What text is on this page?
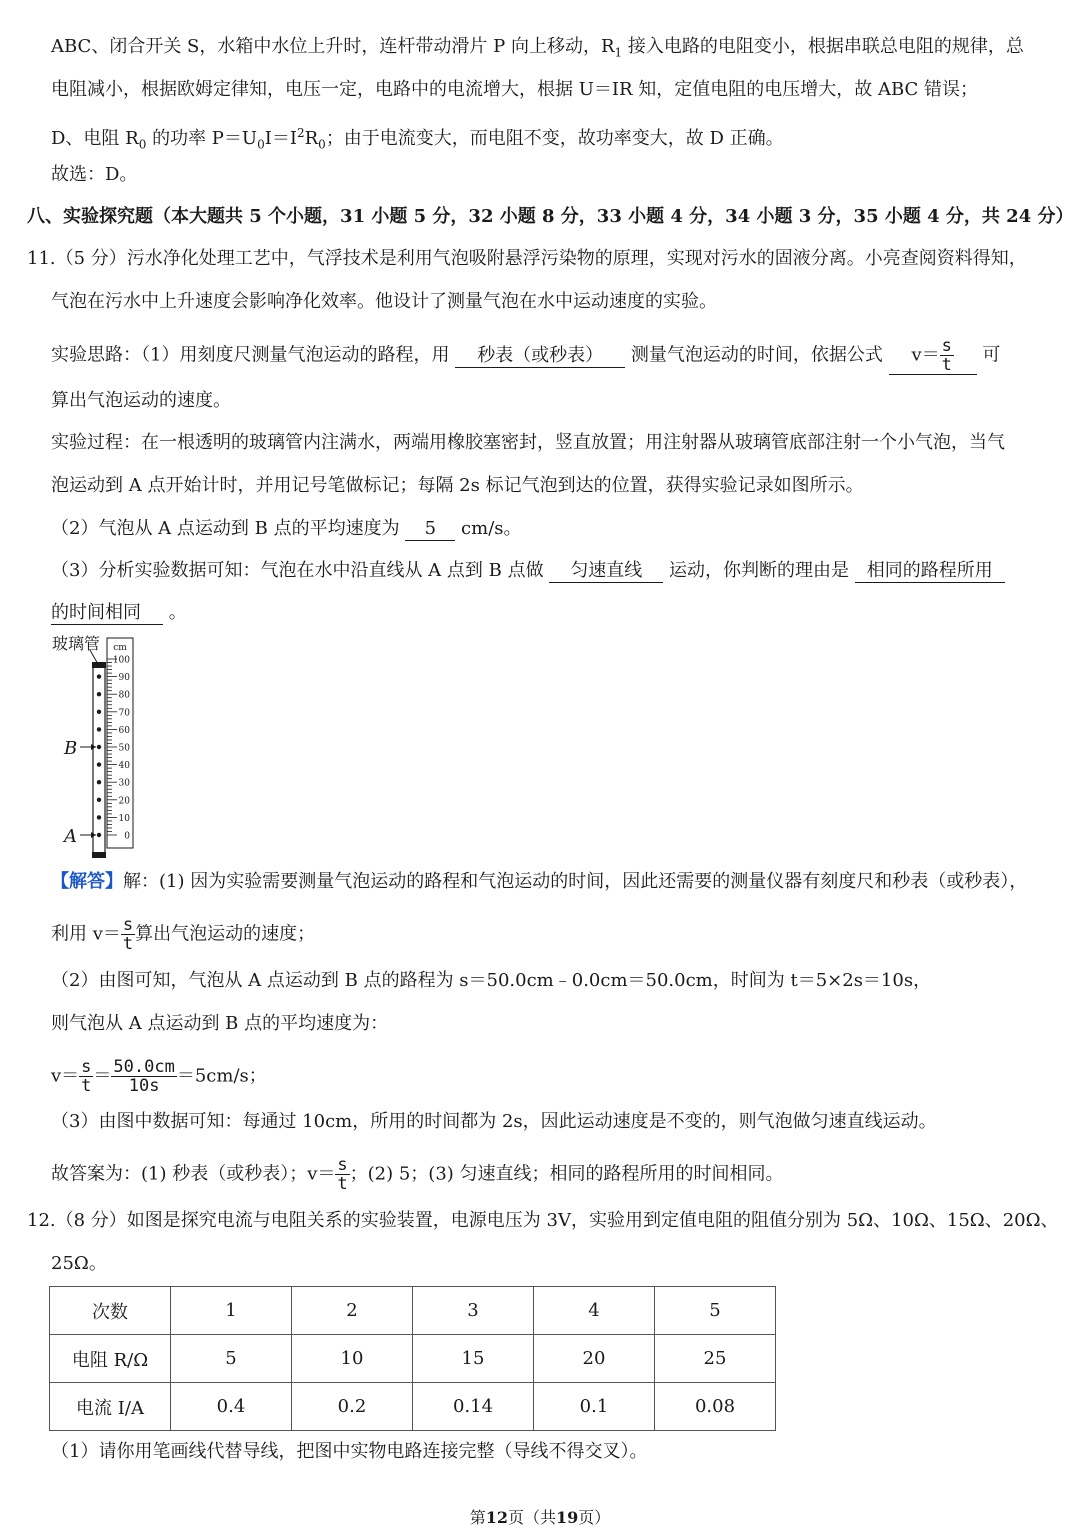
ABC、闭合开关 S，水箱中水位上升时，连杆带动滑片 P 向上移动，$R_1$ 接入电路的电阻变小，根据串联总电阻的规律，总
电阻减小，根据欧姆定律知，电压一定，电路中的电流增大，根据 U＝IR 知，定值电阻的电压增大，故 ABC 错误；
D、电阻 $R_0$ 的功率 $P=U_0I=I^2R_0$；由于电流变大，而电阻不变，故功率变大，故 D 正确。
故选：D。
八、实验探究题（本大题共 5 个小题，31 小题 5 分，32 小题 8 分，33 小题 4 分，34 小题 3 分，35 小题 4 分，共 24 分）
11.（5 分）污水净化处理工艺中，气浮技术是利用气泡吸附悬浮污染物的原理，实现对污水的固液分离。小亮查阅资料得知，
气泡在污水中上升速度会影响净化效率。他设计了测量气泡在水中运动速度的实验。
实验思路：（1）用刻度尺测量气泡运动的路程，用 秒表（或秒表） 测量气泡运动的时间，依据公式 $v= \frac{s}{t}$ 可
算出气泡运动的速度。
实验过程：在一根透明的玻璃管内注满水，两端用橡胶塞密封，竖直放置；用注射器从玻璃管底部注射一个小气泡，当气
泡运动到 A 点开始计时，并用记号笔做标记；每隔 2s 标记气泡到达的位置，获得实验记录如图所示。
（2）气泡从 A 点运动到 B 点的平均速度为 5 cm/s。
（3）分析实验数据可知：气泡在水中沿直线从 A 点到 B 点做 匀速直线 运动，你判断的理由是 相同的路程所用
的时间相同 。
玻璃管 cm
100
90
80
70
60
50
40
30
20
10
0
B
A
【解答】解：(1) 因为实验需要测量气泡运动的路程和气泡运动的时间，因此还需要的测量仪器有刻度尺和秒表（或秒表），
利用 $v= \frac{s}{t}$ 算出气泡运动的速度；
（2）由图可知，气泡从 A 点运动到 B 点的路程为 s＝50.0cm﹣0.0cm＝50.0cm，时间为 t＝5×2s＝10s，
则气泡从 A 点运动到 B 点的平均速度为：
$v= \frac{s}{t} = \frac{50.0cm}{10s} =5cm/s$；
（3）由图中数据可知：每通过 10cm，所用的时间都为 2s，因此运动速度是不变的，则气泡做匀速直线运动。
故答案为：(1) 秒表（或秒表）；$v= \frac{s}{t}$ ；(2) 5；(3) 匀速直线；相同的路程所用的时间相同。
12.（8 分）如图是探究电流与电阻关系的实验装置，电源电压为 3V，实验用到定值电阻的阻值分别为 5Ω、10Ω、15Ω、20Ω、
25Ω。
次数	1	2	3	4	5
电阻 R/Ω	5	10	15	20	25
电流 I/A	0.4	0.2	0.14	0.1	0.08
（1）请你用笔画线代替导线，把图中实物电路连接完整（导线不得交叉）。
第12页（共19页）
